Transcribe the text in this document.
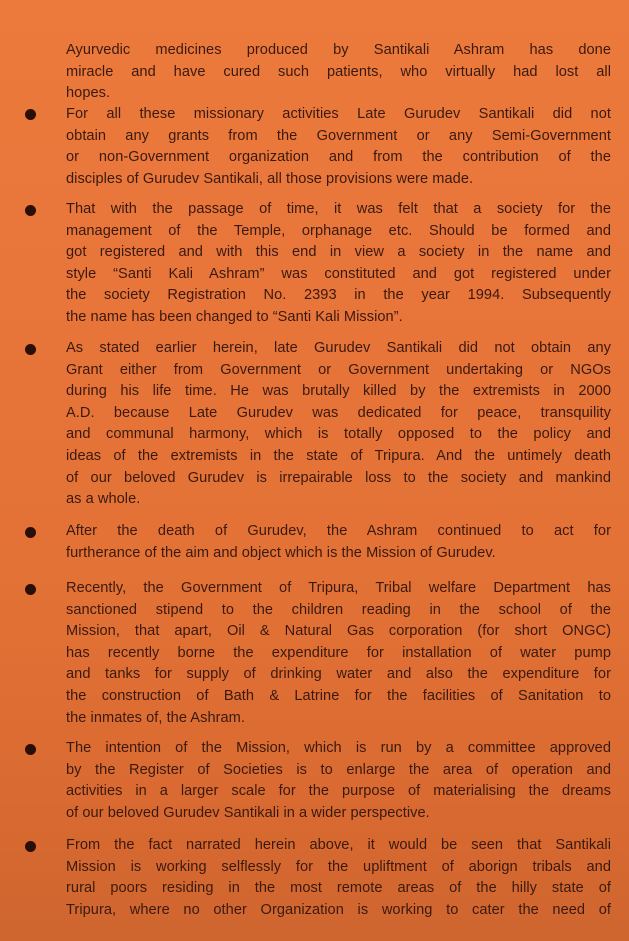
Ayurvedic medicines produced by Santikali Ashram has done
miracle and have cured such patients, who virtually had lost all
hopes.
For all these missionary activities Late Gurudev Santikali did not
obtain any grants from the Government or any Semi-Government
or non-Government organization and from the contribution of the
disciples of Gurudev Santikali, all those provisions were made.
That with the passage of time, it was felt that a society for the
management of the Temple, orphanage etc. Should be formed and
got registered and with this end in view a society in the name and
style “Santi Kali Ashram” was constituted and got registered under
the society Registration No. 2393 in the year 1994. Subsequently
the name has been changed to “Santi Kali Mission”.
As stated earlier herein, late Gurudev Santikali did not obtain any
Grant either from Government or Government undertaking or NGOs
during his life time. He was brutally killed by the extremists in 2000
A.D. because Late Gurudev was dedicated for peace, transquility
and communal harmony, which is totally opposed to the policy and
ideas of the extremists in the state of Tripura. And the untimely death
of our beloved Gurudev is irrepairable loss to the society and mankind
as a whole.
After the death of Gurudev, the Ashram continued to act for
furtherance of the aim and object which is the Mission of Gurudev.
Recently, the Government of Tripura, Tribal welfare Department has
sanctioned stipend to the children reading in the school of the
Mission, that apart, Oil & Natural Gas corporation (for short ONGC)
has recently borne the expenditure for installation of water pump
and tanks for supply of drinking water and also the expenditure for
the construction of Bath & Latrine for the facilities of Sanitation to
the inmates of, the Ashram.
The intention of the Mission, which is run by a committee approved
by the Register of Societies is to enlarge the area of operation and
activities in a larger scale for the purpose of materialising the dreams
of our beloved Gurudev Santikali in a wider perspective.
From the fact narrated herein above, it would be seen that Santikali
Mission is working selflessly for the upliftment of aborign tribals and
rural poors residing in the most remote areas of the hilly state of
Tripura, where no other Organization is working to cater the need of
